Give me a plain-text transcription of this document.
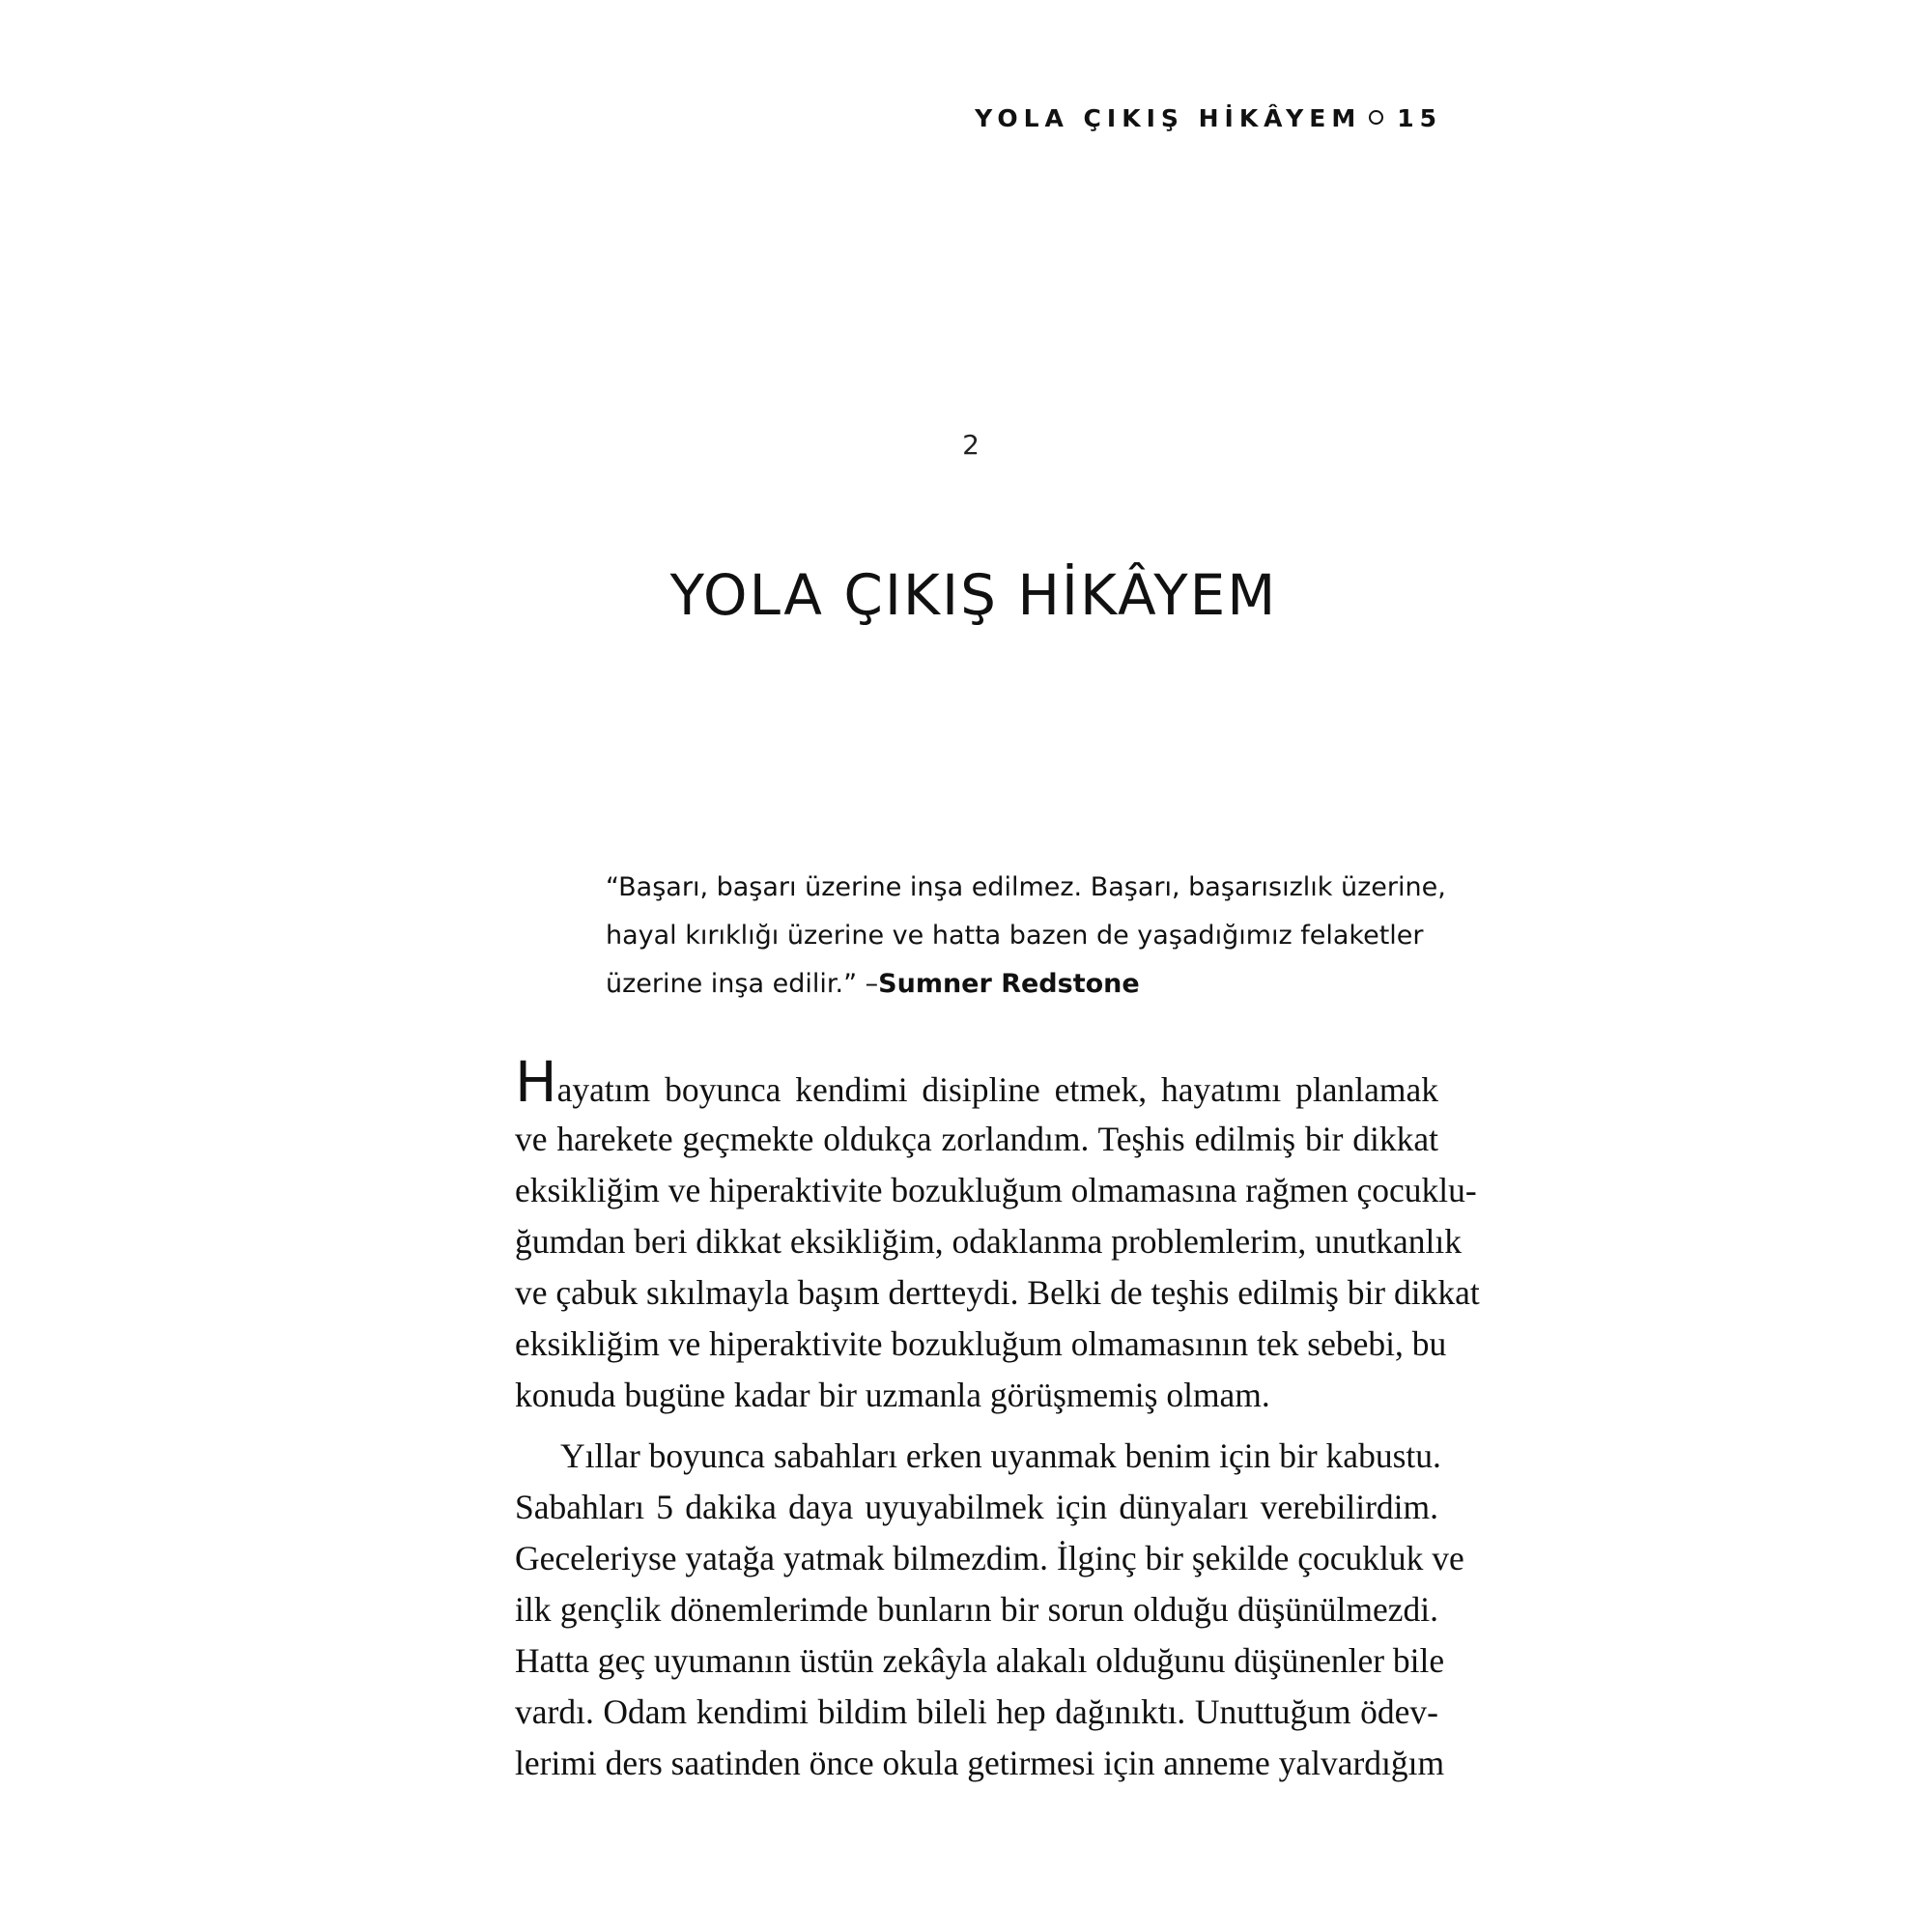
YOLA ÇIKIŞ HİKÂYEM 15
2
YOLA ÇIKIŞ HİKÂYEM
“Başarı, başarı üzerine inşa edilmez. Başarı, başarısızlık üzerine,
hayal kırıklığı üzerine ve hatta bazen de yaşadığımız felaketler
üzerine inşa edilir.” –Sumner Redstone
Hayatım boyunca kendimi disipline etmek, hayatımı planlamak
ve harekete geçmekte oldukça zorlandım. Teşhis edilmiş bir dikkat
eksikliğim ve hiperaktivite bozukluğum olmamasına rağmen çocuklu-
ğumdan beri dikkat eksikliğim, odaklanma problemlerim, unutkanlık
ve çabuk sıkılmayla başım dertteydi. Belki de teşhis edilmiş bir dikkat
eksikliğim ve hiperaktivite bozukluğum olmamasının tek sebebi, bu
konuda bugüne kadar bir uzmanla görüşmemiş olmam.
Yıllar boyunca sabahları erken uyanmak benim için bir kabustu.
Sabahları 5 dakika daya uyuyabilmek için dünyaları verebilirdim.
Geceleriyse yatağa yatmak bilmezdim. İlginç bir şekilde çocukluk ve
ilk gençlik dönemlerimde bunların bir sorun olduğu düşünülmezdi.
Hatta geç uyumanın üstün zekâyla alakalı olduğunu düşünenler bile
vardı. Odam kendimi bildim bileli hep dağınıktı. Unuttuğum ödev-
lerimi ders saatinden önce okula getirmesi için anneme yalvardığım
